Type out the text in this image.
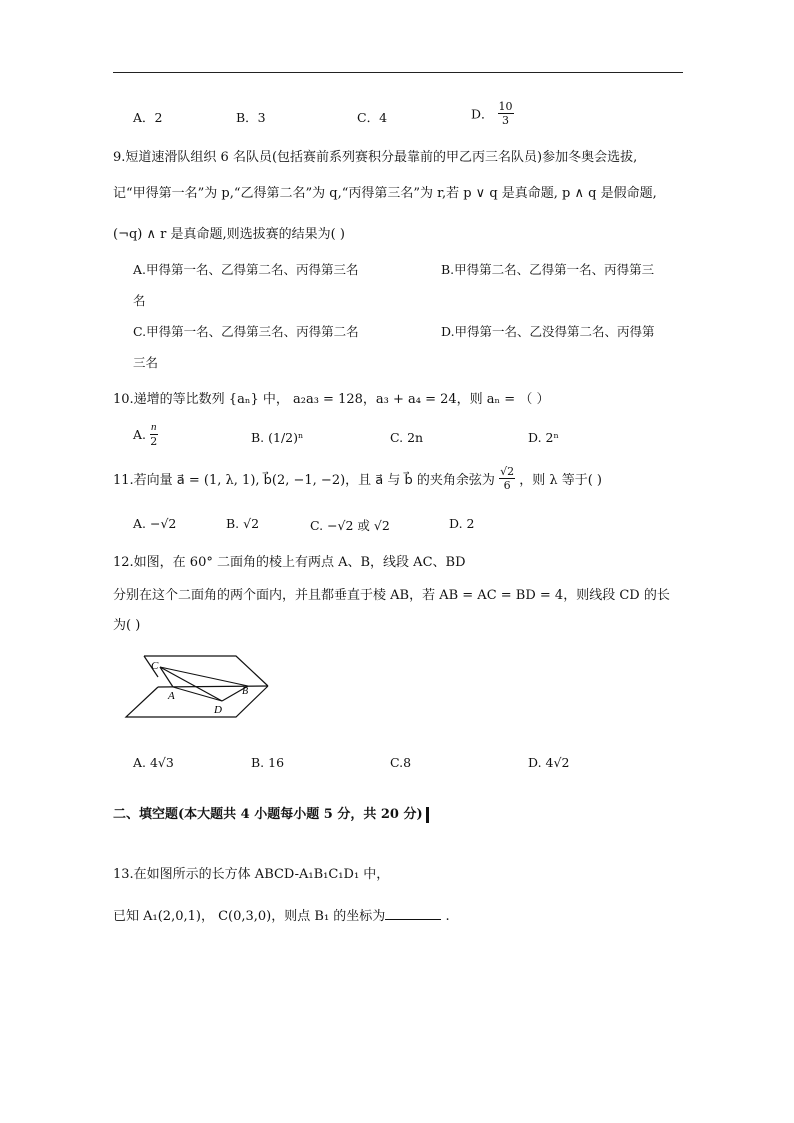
A．2	B．3	C．4	D． $\frac{10}{3}$
9.短道速滑队组织 6 名队员(包括赛前系列赛积分最靠前的甲乙丙三名队员)参加冬奥会选拔,
记“甲得第一名”为 p,“乙得第二名”为 q,“丙得第三名”为 r,若 p ∨ q 是真命题, p ∧ q 是假命题,
(¬q) ∧ r 是真命题,则选拔赛的结果为( )
A.甲得第一名、乙得第二名、丙得第三名	B.甲得第二名、乙得第一名、丙得第三
名
C.甲得第一名、乙得第三名、丙得第二名	D.甲得第一名、乙没得第二名、丙得第
三名
10.递增的等比数列 {aₙ} 中， a₂a₃ = 128，a₃ + a₄ = 24，则 aₙ = （ ）
A. $\frac{n}{2}$	B. (1/2)ⁿ	C. 2n	D. 2ⁿ
11.若向量 a⃗ = (1, λ, 1), b⃗(2, −1, −2)，且 a⃗ 与 b⃗ 的夹角余弦为 $\frac{√2}{6}$ ，则 λ 等于( )
A. −√2	B. √2	C. −√2 或 √2	D. 2
12.如图，在 60° 二面角的棱上有两点 A、B，线段 AC、BD
分别在这个二面角的两个面内，并且都垂直于棱 AB，若 AB = AC = BD = 4，则线段 CD 的长
为( )
C
A	B
D
A. 4√3	B. 16	C.8	D. 4√2
二、填空题(本大题共 4 小题每小题 5 分，共 20 分)
13.在如图所示的长方体 ABCD-A₁B₁C₁D₁ 中，
已知 A₁(2,0,1)， C(0,3,0)，则点 B₁ 的坐标为	.
